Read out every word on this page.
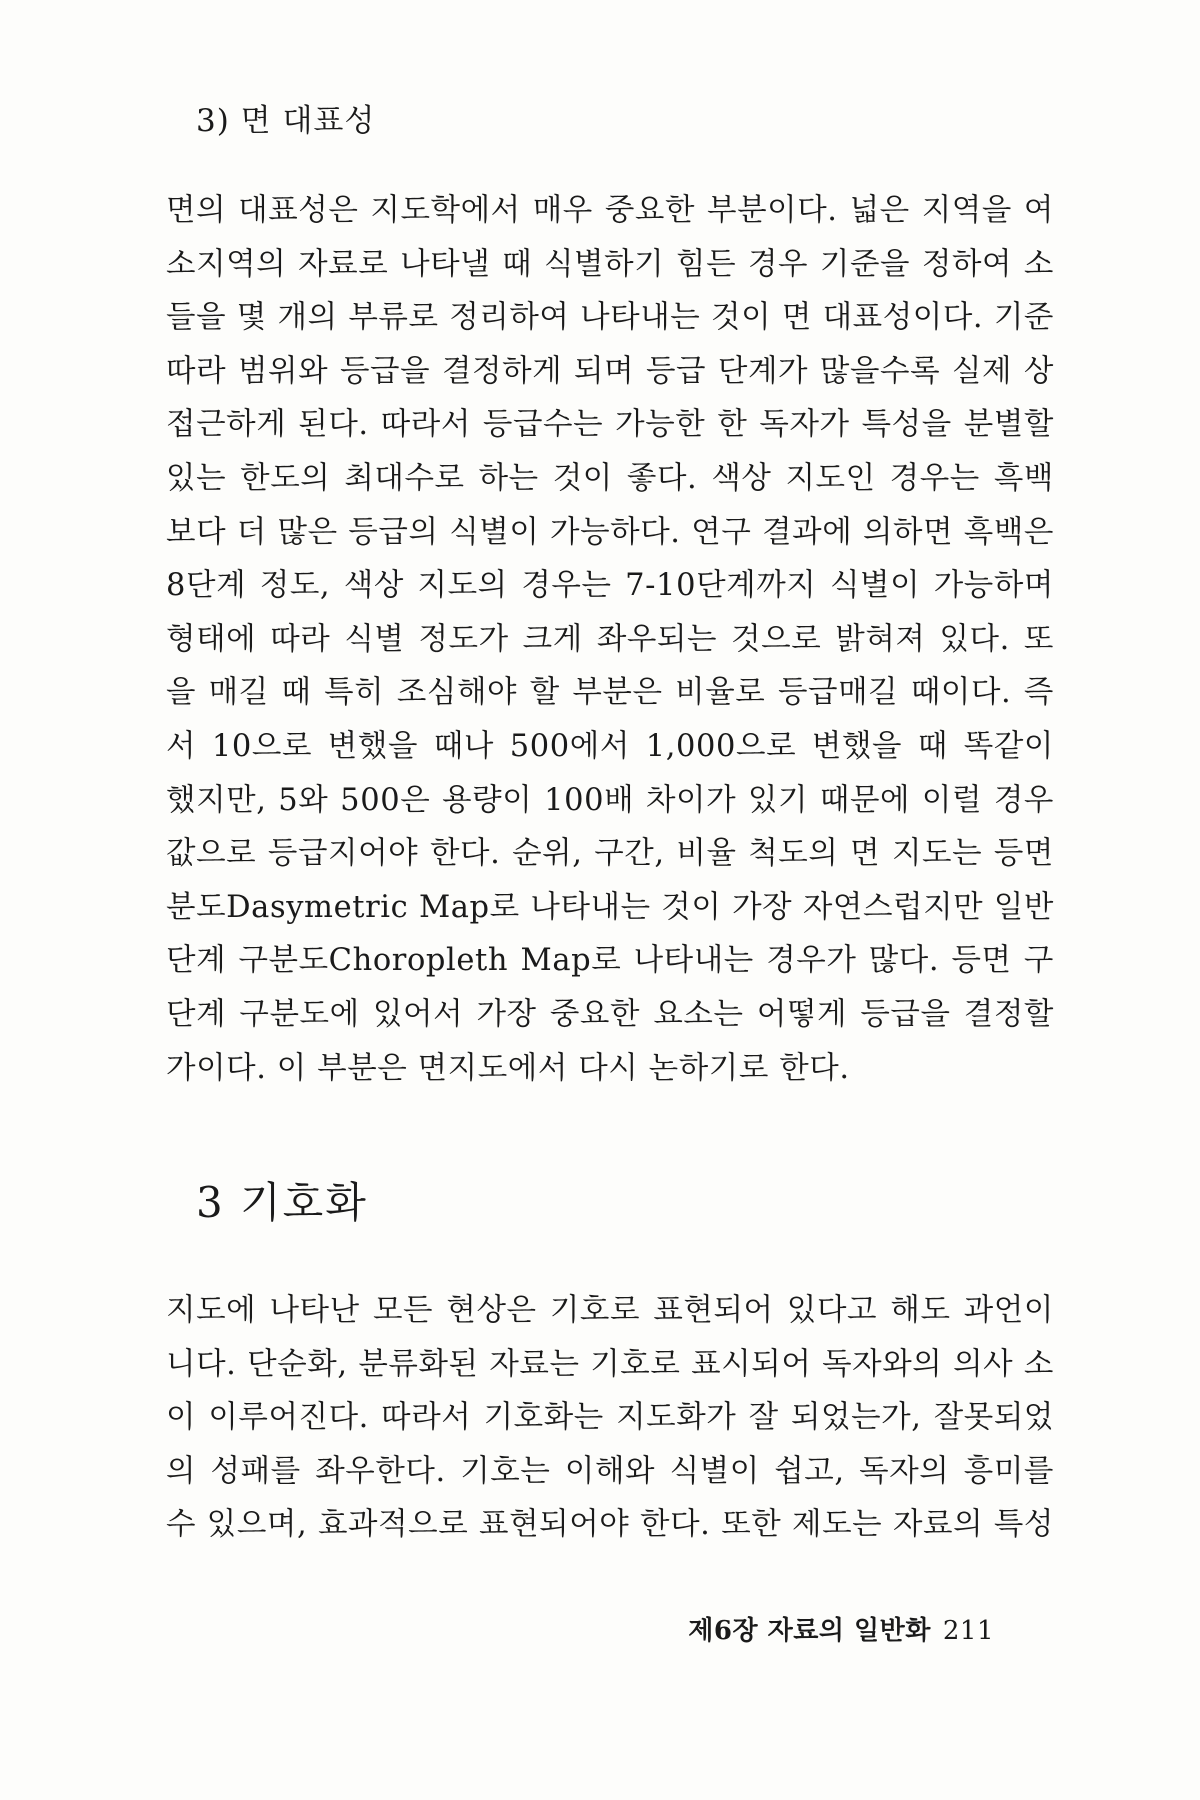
3) 면 대표성

면의 대표성은 지도학에서 매우 중요한 부분이다. 넓은 지역을 여
소지역의 자료로 나타낼 때 식별하기 힘든 경우 기준을 정하여 소
들을 몇 개의 부류로 정리하여 나타내는 것이 면 대표성이다. 기준
따라 범위와 등급을 결정하게 되며 등급 단계가 많을수록 실제 상
접근하게 된다. 따라서 등급수는 가능한 한 독자가 특성을 분별할
있는 한도의 최대수로 하는 것이 좋다. 색상 지도인 경우는 흑백
보다 더 많은 등급의 식별이 가능하다. 연구 결과에 의하면 흑백은
8단계 정도, 색상 지도의 경우는 7-10단계까지 식별이 가능하며
형태에 따라 식별 정도가 크게 좌우되는 것으로 밝혀져 있다. 또
을 매길 때 특히 조심해야 할 부분은 비율로 등급매길 때이다. 즉
서 10으로 변했을 때나 500에서 1,000으로 변했을 때 똑같이
했지만, 5와 500은 용량이 100배 차이가 있기 때문에 이럴 경우
값으로 등급지어야 한다. 순위, 구간, 비율 척도의 면 지도는 등면
분도Dasymetric Map로 나타내는 것이 가장 자연스럽지만 일반
단계 구분도Choropleth Map로 나타내는 경우가 많다. 등면 구
단계 구분도에 있어서 가장 중요한 요소는 어떻게 등급을 결정할
가이다. 이 부분은 면지도에서 다시 논하기로 한다.

3 기호화

지도에 나타난 모든 현상은 기호로 표현되어 있다고 해도 과언이
니다. 단순화, 분류화된 자료는 기호로 표시되어 독자와의 의사 소
이 이루어진다. 따라서 기호화는 지도화가 잘 되었는가, 잘못되었
의 성패를 좌우한다. 기호는 이해와 식별이 쉽고, 독자의 흥미를
수 있으며, 효과적으로 표현되어야 한다. 또한 제도는 자료의 특성

제6장 자료의 일반화 211
